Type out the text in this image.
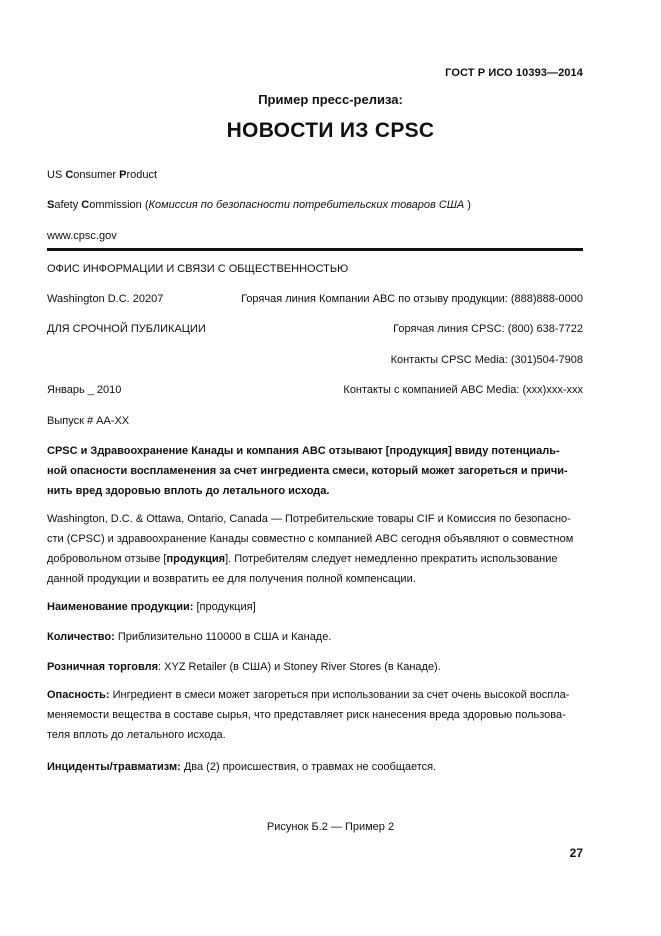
ГОСТ Р ИСО 10393—2014
Пример пресс-релиза:
НОВОСТИ ИЗ CPSC
US Consumer Product
Safety Commission (Комиссия по безопасности потребительских товаров США )
www.cpsc.gov
ОФИС ИНФОРМАЦИИ И СВЯЗИ С ОБЩЕСТВЕННОСТЬЮ
Washington D.C. 20207	Горячая линия Компании ABC по отзыву продукции: (888)888-0000
ДЛЯ СРОЧНОЙ ПУБЛИКАЦИИ	Горячая линия CPSC: (800) 638-7722
Контакты CPSC Media: (301)504-7908
Январь _ 2010	Контакты с компанией ABC Media: (ххх)ххх-ххх
Выпуск # АА-ХХ
CPSC и Здравоохранение Канады и компания ABC отзывают [продукция] ввиду потенциаль-
ной опасности воспламенения за счет ингредиента смеси, который может загореться и причи-
нить вред здоровью вплоть до летального исхода.
Washington, D.C. & Ottawa, Ontario, Canada — Потребительские товары CIF и Комиссия по безопасно-
сти (CPSC) и здравоохранение Канады совместно с компанией ABC сегодня объявляют о совместном
добровольном отзыве [ продукция ]. Потребителям следует немедленно прекратить использование
данной продукции и возвратить ее для получения полной компенсации.
Наименование продукции: [продукция]
Количество: Приблизительно 110000 в США и Канаде.
Розничная торговля: XYZ Retailer (в США) и Stoney River Stores (в Канаде).
Опасность: Ингредиент в смеси может загореться при использовании за счет очень высокой воспла-
меняемости вещества в составе сырья, что представляет риск нанесения вреда здоровью пользова-
теля вплоть до летального исхода.
Инциденты/травматизм: Два (2) происшествия, о травмах не сообщается.
Рисунок Б.2 — Пример 2
27
